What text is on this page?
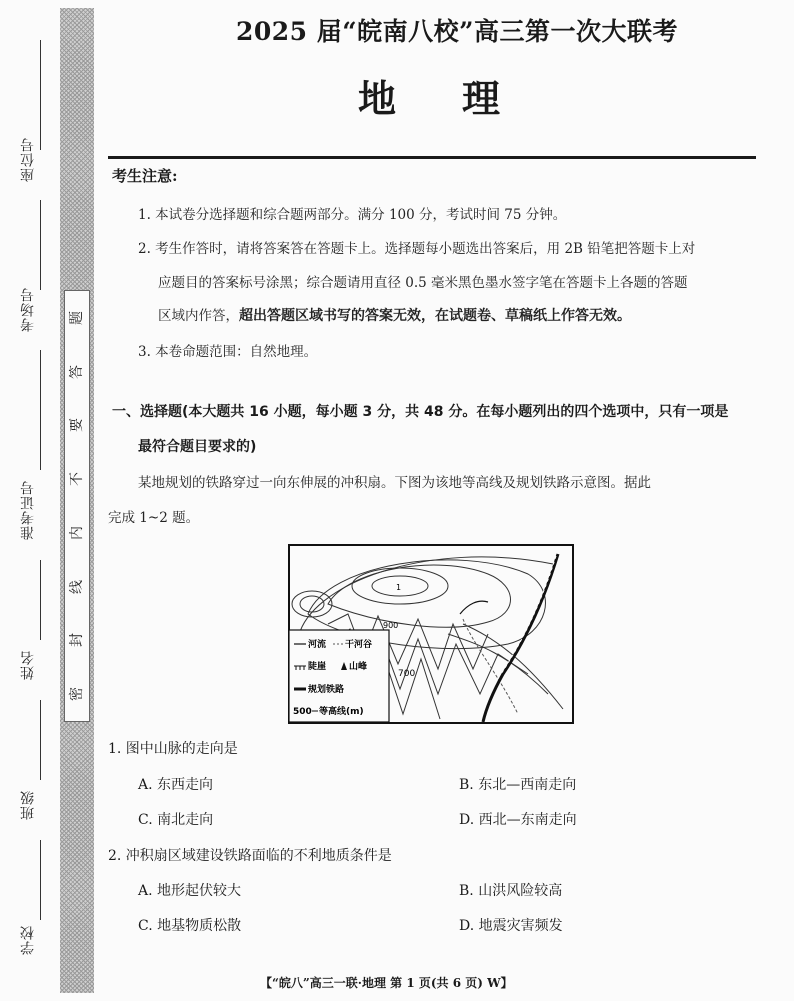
座位号
考场号
准考证号
姓名
班级
学校
题
答
要
不
内
线
封
密
2025 届“皖南八校”高三第一次大联考
地理
考生注意:
1. 本试卷分选择题和综合题两部分。满分 100 分，考试时间 75 分钟。
2. 考生作答时，请将答案答在答题卡上。选择题每小题选出答案后，用 2B 铅笔把答题卡上对
应题目的答案标号涂黑；综合题请用直径 0.5 毫米黑色墨水签字笔在答题卡上各题的答题
区域内作答，超出答题区域书写的答案无效，在试题卷、草稿纸上作答无效。
3. 本卷命题范围：自然地理。
一、选择题(本大题共 16 小题，每小题 3 分，共 48 分。在每小题列出的四个选项中，只有一项是
最符合题目要求的)
某地规划的铁路穿过一向东伸展的冲积扇。下图为该地等高线及规划铁路示意图。据此
完成 1~2 题。
1
900
700
河流 干河谷
陡崖	山峰
规划铁路
500 等高线(m)
1. 图中山脉的走向是
A. 东西走向	B. 东北—西南走向
C. 南北走向	D. 西北—东南走向
2. 冲积扇区域建设铁路面临的不利地质条件是
A. 地形起伏较大	B. 山洪风险较高
C. 地基物质松散	D. 地震灾害频发
【“皖八”高三一联·地理 第 1 页(共 6 页) W】
